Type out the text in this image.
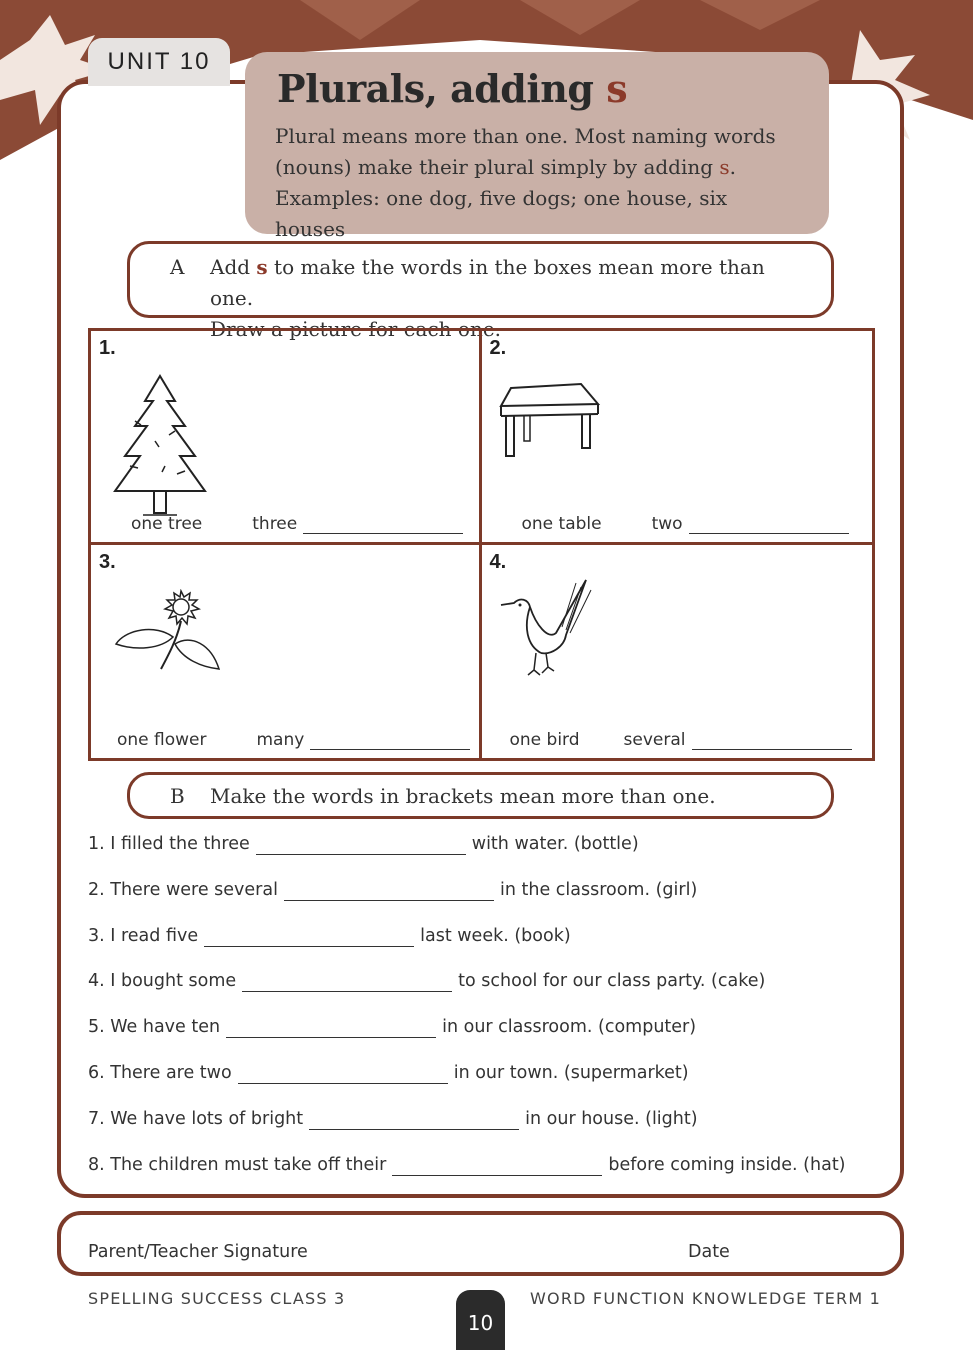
UNIT 10
Plurals, adding s
Plural means more than one. Most naming words
(nouns) make their plural simply by adding s.
Examples: one dog, five dogs; one house, six houses
A	Add s to make the words in the boxes mean more than one.
Draw a picture for each one.
1.
one tree	three
2.
one table	two
3.
one flower	many
4.
one bird	several
B	Make the words in brackets mean more than one.
1. I filled the three	with water. (bottle)
2. There were several	in the classroom. (girl)
3. I read five	last week. (book)
4. I bought some	to school for our class party. (cake)
5. We have ten	in our classroom. (computer)
6. There are two	in our town. (supermarket)
7. We have lots of bright	in our house. (light)
8. The children must take off their	before coming inside. (hat)
Parent/Teacher Signature	Date
SPELLING SUCCESS CLASS 3	WORD FUNCTION KNOWLEDGE TERM 1
10
